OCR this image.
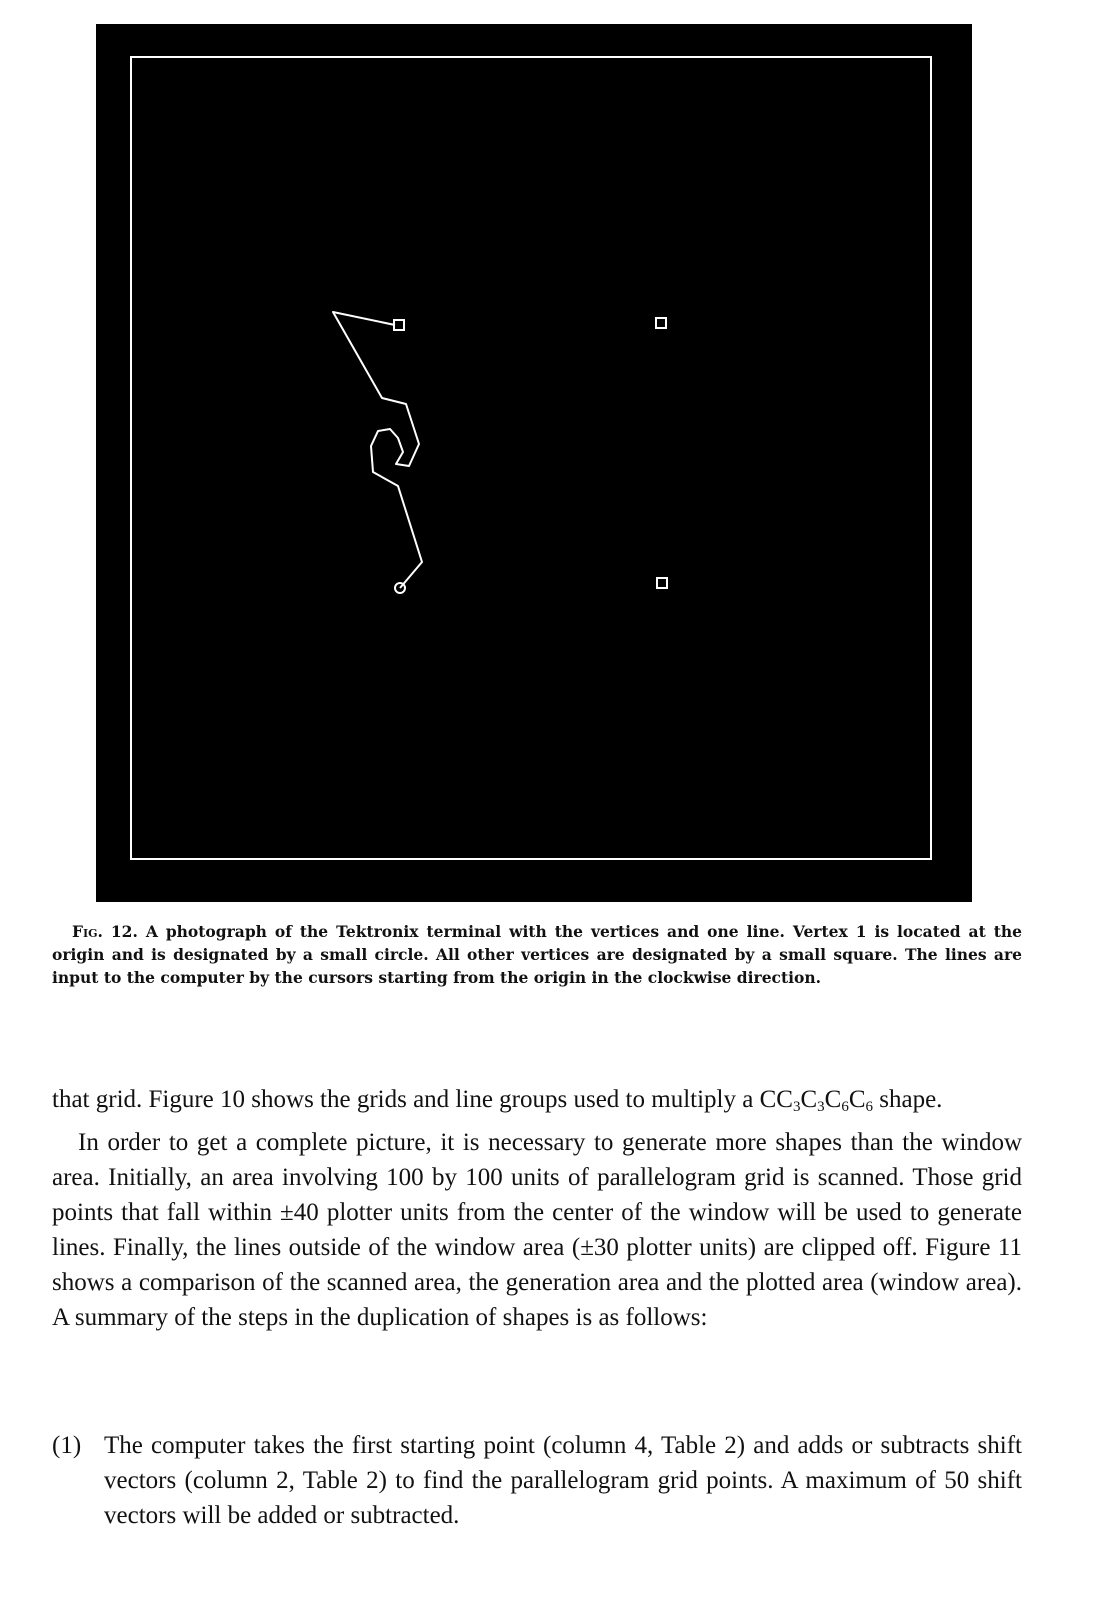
Fig. 12. A photograph of the Tektronix terminal with the vertices and one line. Vertex 1 is located at the origin and is designated by a small circle. All other vertices are designated by a small square. The lines are input to the computer by the cursors starting from the origin in the clockwise direction.

that grid. Figure 10 shows the grids and line groups used to multiply a $CC_3C_3C_6C_6$ shape.

In order to get a complete picture, it is necessary to generate more shapes than the window area. Initially, an area involving 100 by 100 units of parallelogram grid is scanned. Those grid points that fall within ±40 plotter units from the center of the window will be used to generate lines. Finally, the lines outside of the window area (±30 plotter units) are clipped off. Figure 11 shows a comparison of the scanned area, the generation area and the plotted area (window area). A summary of the steps in the duplication of shapes is as follows:

(1) The computer takes the first starting point (column 4, Table 2) and adds or subtracts shift vectors (column 2, Table 2) to find the parallelogram grid points. A maximum of 50 shift vectors will be added or subtracted.
